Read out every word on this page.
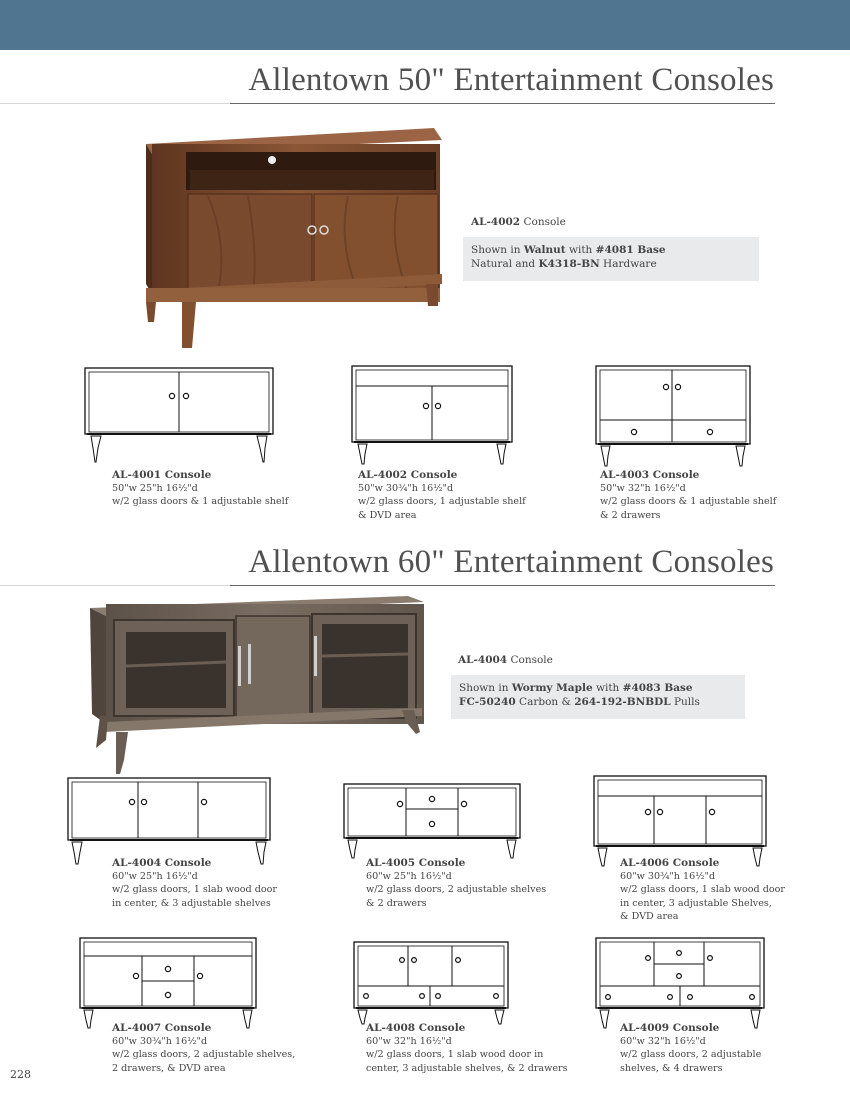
Allentown 50" Entertainment Consoles
AL-4002 Console
Shown in Walnut with #4081 Base
Natural and K4318-BN Hardware
AL-4001 Console
50"w 25"h 16½"d
w/2 glass doors & 1 adjustable shelf
AL-4002 Console
50"w 30¾"h 16½"d
w/2 glass doors, 1 adjustable shelf
& DVD area
AL-4003 Console
50"w 32"h 16½"d
w/2 glass doors & 1 adjustable shelf
& 2 drawers
Allentown 60" Entertainment Consoles
AL-4004 Console
Shown in Wormy Maple with #4083 Base
FC-50240 Carbon & 264-192-BNBDL Pulls
AL-4004 Console
60"w 25"h 16½"d
w/2 glass doors, 1 slab wood door
in center, & 3 adjustable shelves
AL-4005 Console
60"w 25"h 16½"d
w/2 glass doors, 2 adjustable shelves
& 2 drawers
AL-4006 Console
60"w 30¾"h 16½"d
w/2 glass doors, 1 slab wood door
in center, 3 adjustable Shelves,
& DVD area
AL-4007 Console
60"w 30¾"h 16½"d
w/2 glass doors, 2 adjustable shelves,
2 drawers, & DVD area
AL-4008 Console
60"w 32"h 16½"d
w/2 glass doors, 1 slab wood door in
center, 3 adjustable shelves, & 2 drawers
AL-4009 Console
60"w 32"h 16½"d
w/2 glass doors, 2 adjustable
shelves, & 4 drawers
228
